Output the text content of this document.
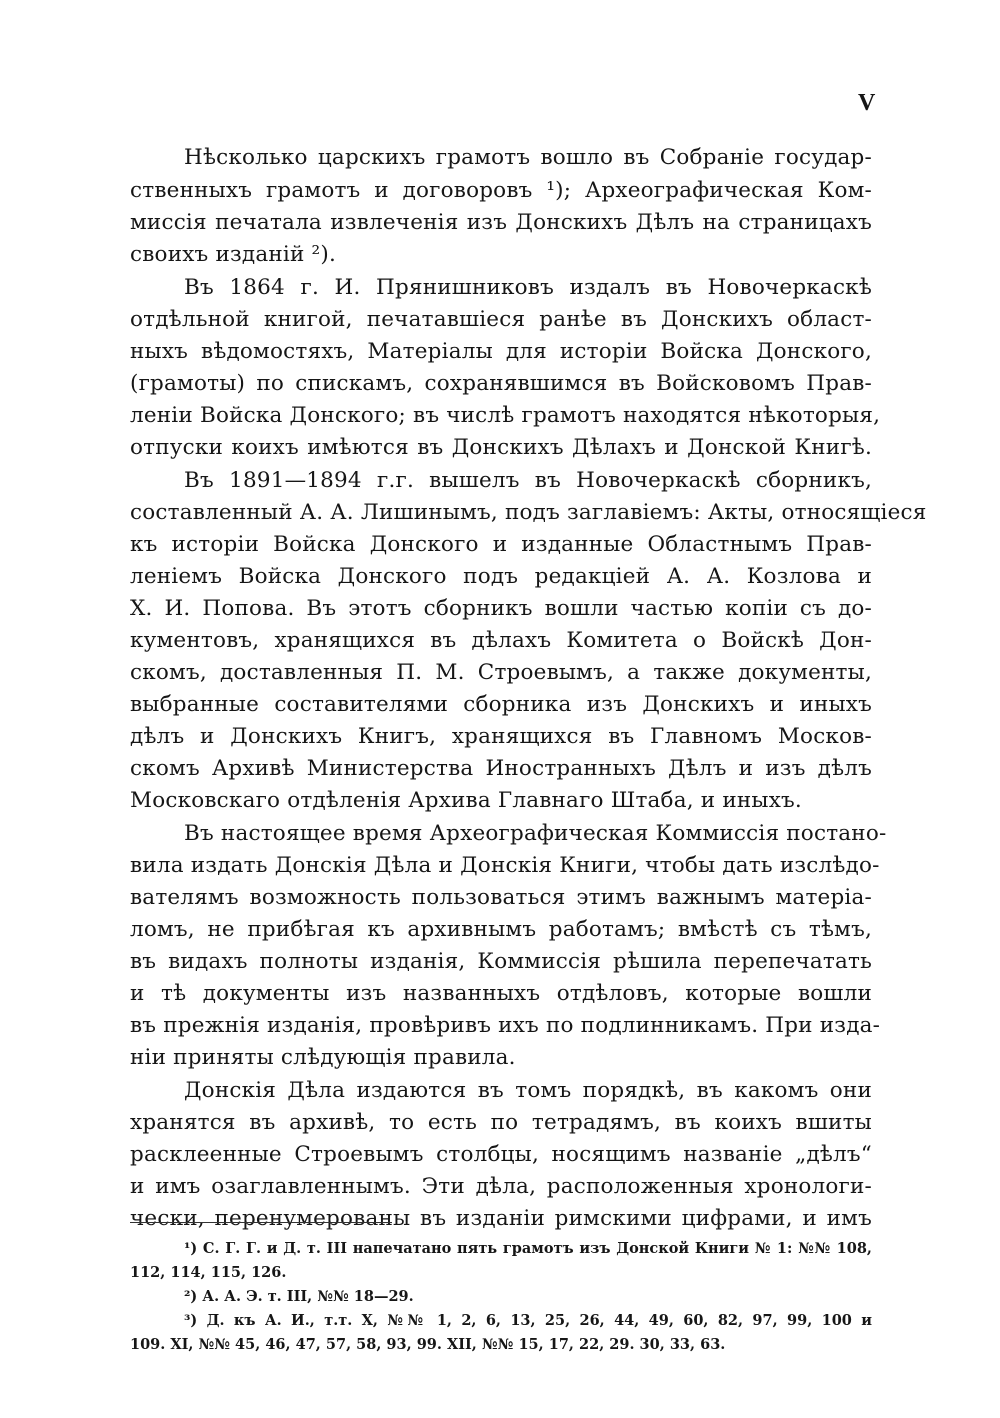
V
Нѣсколько царскихъ грамотъ вошло въ Собраніе государ-
ственныхъ грамотъ и договоровъ ¹); Археографическая Ком-
миссія печатала извлеченія изъ Донскихъ Дѣлъ на страницахъ
своихъ изданій ²).
Въ 1864 г. И. Прянишниковъ издалъ въ Новочеркаскѣ
отдѣльной книгой, печатавшіеся ранѣе въ Донскихъ област-
ныхъ вѣдомостяхъ, Матеріалы для исторіи Войска Донского,
(грамоты) по спискамъ, сохранявшимся въ Войсковомъ Прав-
леніи Войска Донского; въ числѣ грамотъ находятся нѣкоторыя,
отпуски коихъ имѣются въ Донскихъ Дѣлахъ и Донской Книгѣ.
Въ 1891—1894 г.г. вышелъ въ Новочеркаскѣ сборникъ,
составленный А. А. Лишинымъ, подъ заглавіемъ: Акты, относящіеся
къ исторіи Войска Донского и изданные Областнымъ Прав-
леніемъ Войска Донского подъ редакціей А. А. Козлова и
Х. И. Попова. Въ этотъ сборникъ вошли частью копіи съ до-
кументовъ, хранящихся въ дѣлахъ Комитета о Войскѣ Дон-
скомъ, доставленныя П. М. Строевымъ, а также документы,
выбранные составителями сборника изъ Донскихъ и иныхъ
дѣлъ и Донскихъ Книгъ, хранящихся въ Главномъ Москов-
скомъ Архивѣ Министерства Иностранныхъ Дѣлъ и изъ дѣлъ
Московскаго отдѣленія Архива Главнаго Штаба, и иныхъ.
Въ настоящее время Археографическая Коммиссія постано-
вила издать Донскія Дѣла и Донскія Книги, чтобы дать изслѣдо-
вателямъ возможность пользоваться этимъ важнымъ матеріа-
ломъ, не прибѣгая къ архивнымъ работамъ; вмѣстѣ съ тѣмъ,
въ видахъ полноты изданія, Коммиссія рѣшила перепечатать
и тѣ документы изъ названныхъ отдѣловъ, которые вошли
въ прежнія изданія, провѣривъ ихъ по подлинникамъ. При изда-
ніи приняты слѣдующія правила.
Донскія Дѣла издаются въ томъ порядкѣ, въ какомъ они
хранятся въ архивѣ, то есть по тетрадямъ, въ коихъ вшиты
расклеенные Строевымъ столбцы, носящимъ названіе „дѣлъ“
и имъ озаглавленнымъ. Эти дѣла, расположенныя хронологи-
чески, перенумерованы въ изданіи римскими цифрами, и имъ
¹) С. Г. Г. и Д. т. III напечатано пять грамотъ изъ Донской Книги № 1: №№ 108,
112, 114, 115, 126.
²) А. А. Э. т. III, №№ 18—29.
³) Д. къ А. И., т.т. X, №№ 1, 2, 6, 13, 25, 26, 44, 49, 60, 82, 97, 99, 100 и
109. XI, №№ 45, 46, 47, 57, 58, 93, 99. XII, №№ 15, 17, 22, 29. 30, 33, 63.
